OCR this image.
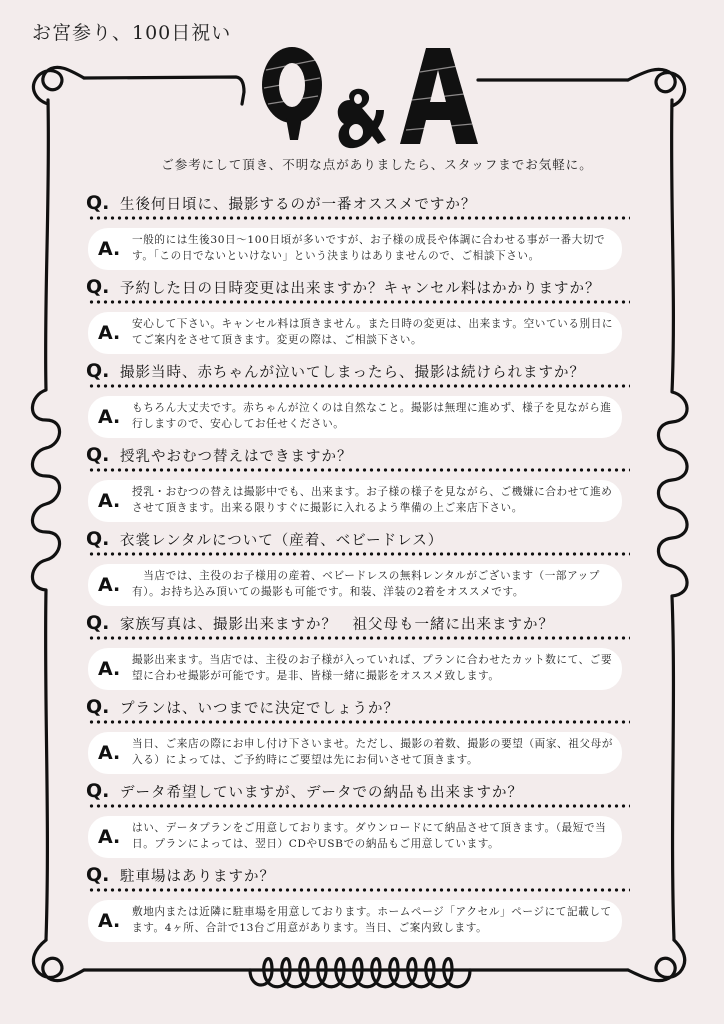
お宮参り、100日祝い
ご参考にして頂き、不明な点がありましたら、スタッフまでお気軽に。
Q. 生後何日頃に、撮影するのが一番オススメですか？
A. 一般的には生後30日〜100日頃が多いですが、お子様の成長や体調に合わせる事が一番大切です。「この日でないといけない」という決まりはありませんので、ご相談下さい。
Q. 予約した日の日時変更は出来ますか？キャンセル料はかかりますか？
A. 安心して下さい。キャンセル料は頂きません。また日時の変更は、出来ます。空いている別日にてご案内をさせて頂きます。変更の際は、ご相談下さい。
Q. 撮影当時、赤ちゃんが泣いてしまったら、撮影は続けられますか？
A. もちろん大丈夫です。赤ちゃんが泣くのは自然なこと。撮影は無理に進めず、様子を見ながら進行しますので、安心してお任せください。
Q. 授乳やおむつ替えはできますか？
A. 授乳・おむつの替えは撮影中でも、出来ます。お子様の様子を見ながら、ご機嫌に合わせて進めさせて頂きます。出来る限りすぐに撮影に入れるよう準備の上ご来店下さい。
Q. 衣裳レンタルについて（産着、ベビードレス）
A. 　当店では、主役のお子様用の産着、ベビードレスの無料レンタルがございます（一部アップ有）。お持ち込み頂いての撮影も可能です。和装、洋装の2着をオススメです。
Q. 家族写真は、撮影出来ますか？　祖父母も一緒に出来ますか？
A. 撮影出来ます。当店では、主役のお子様が入っていれば、プランに合わせたカット数にて、ご要望に合わせ撮影が可能です。是非、皆様一緒に撮影をオススメ致します。
Q. プランは、いつまでに決定でしょうか？
A. 当日、ご来店の際にお申し付け下さいませ。ただし、撮影の着数、撮影の要望（両家、祖父母が入る）によっては、ご予約時にご要望は先にお伺いさせて頂きます。
Q. データ希望していますが、データでの納品も出来ますか？
A. はい、データプランをご用意しております。ダウンロードにて納品させて頂きます。（最短で当日。プランによっては、翌日）CDやUSBでの納品もご用意しています。
Q. 駐車場はありますか？
A. 敷地内または近隣に駐車場を用意しております。ホームページ「アクセル」ページにて記載してます。4ヶ所、合計で13台ご用意があります。当日、ご案内致します。
